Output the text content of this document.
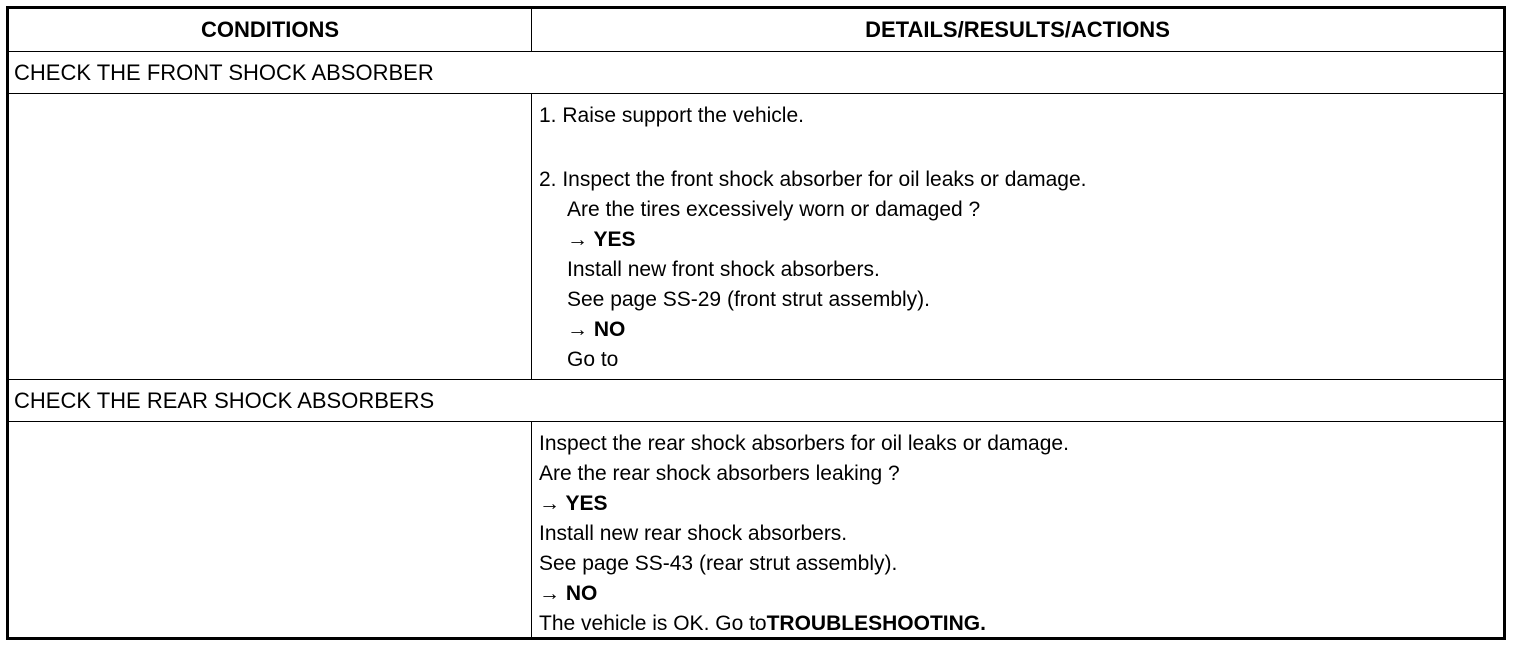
CONDITIONS	DETAILS/RESULTS/ACTIONS
CHECK THE FRONT SHOCK ABSORBER
1. Raise support the vehicle.
2. Inspect the front shock absorber for oil leaks or damage.
Are the tires excessively worn or damaged ?
→ YES
Install new front shock absorbers.
See page SS-29 (front strut assembly).
→ NO
Go to
CHECK THE REAR SHOCK ABSORBERS
Inspect the rear shock absorbers for oil leaks or damage.
Are the rear shock absorbers leaking ?
→ YES
Install new rear shock absorbers.
See page SS-43 (rear strut assembly).
→ NO
The vehicle is OK. Go toTROUBLESHOOTING.
